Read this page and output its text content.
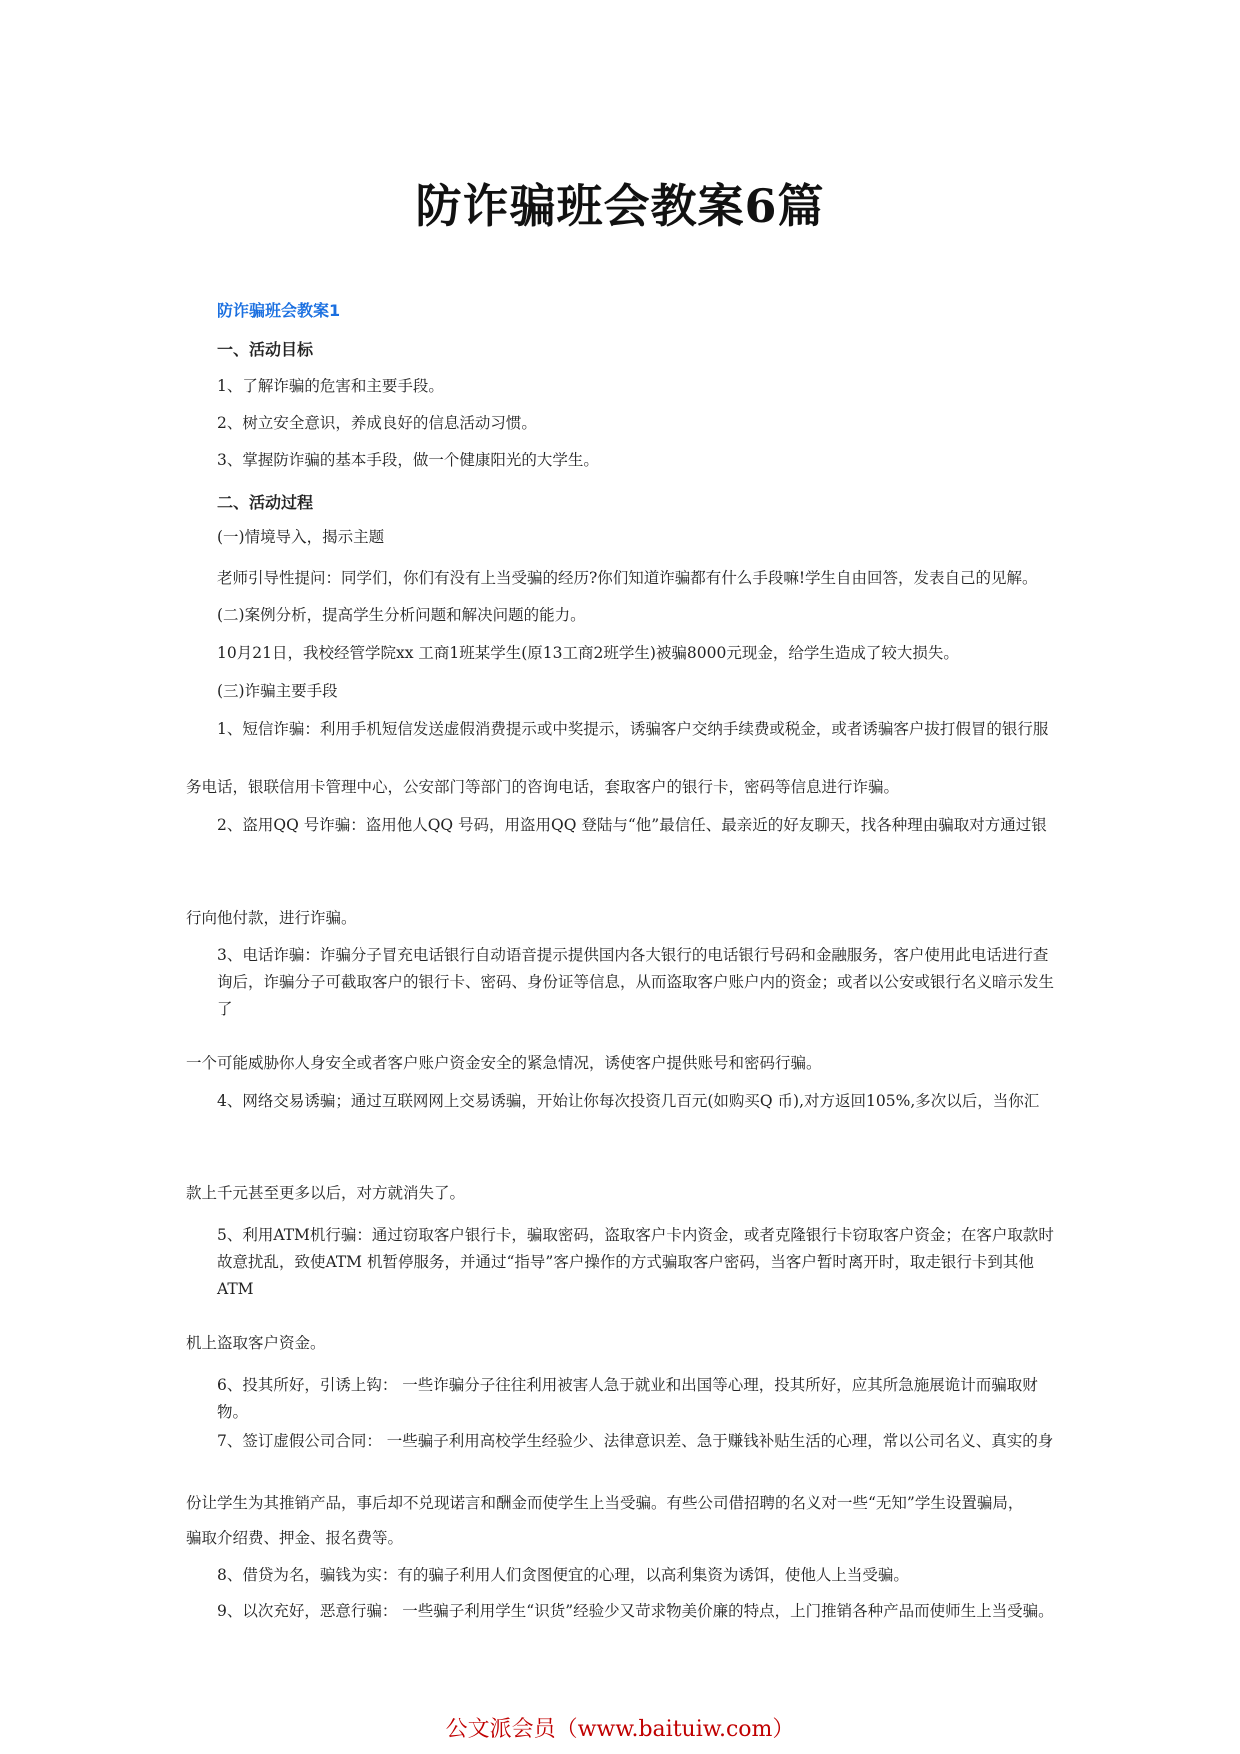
防诈骗班会教案6篇
防诈骗班会教案1
一、活动目标
1、了解诈骗的危害和主要手段。
2、树立安全意识，养成良好的信息活动习惯。
3、掌握防诈骗的基本手段，做一个健康阳光的大学生。
二、活动过程
(一)情境导入，揭示主题
老师引导性提问：同学们，你们有没有上当受骗的经历?你们知道诈骗都有什么手段嘛!学生自由回答，发表自己的见解。
(二)案例分析，提高学生分析问题和解决问题的能力。
10月21日，我校经管学院xx 工商1班某学生(原13工商2班学生)被骗8000元现金，给学生造成了较大损失。
(三)诈骗主要手段
1、短信诈骗：利用手机短信发送虚假消费提示或中奖提示，诱骗客户交纳手续费或税金，或者诱骗客户拔打假冒的银行服
务电话，银联信用卡管理中心，公安部门等部门的咨询电话，套取客户的银行卡，密码等信息进行诈骗。
2、盗用QQ 号诈骗：盗用他人QQ 号码，用盗用QQ 登陆与“他”最信任、最亲近的好友聊天，找各种理由骗取对方通过银
行向他付款，进行诈骗。
3、电话诈骗：诈骗分子冒充电话银行自动语音提示提供国内各大银行的电话银行号码和金融服务，客户使用此电话进行查 询后，诈骗分子可截取客户的银行卡、密码、身份证等信息，从而盗取客户账户内的资金；或者以公安或银行名义暗示发生了
一个可能威胁你人身安全或者客户账户资金安全的紧急情况，诱使客户提供账号和密码行骗。
4、网络交易诱骗；通过互联网网上交易诱骗，开始让你每次投资几百元(如购买Q 币),对方返回105%,多次以后，当你汇
款上千元甚至更多以后，对方就消失了。
5、利用ATM机行骗：通过窃取客户银行卡，骗取密码，盗取客户卡内资金，或者克隆银行卡窃取客户资金；在客户取款时 故意扰乱，致使ATM 机暂停服务，并通过“指导”客户操作的方式骗取客户密码，当客户暂时离开时，取走银行卡到其他ATM
机上盗取客户资金。
6、投其所好，引诱上钩： 一些诈骗分子往往利用被害人急于就业和出国等心理，投其所好，应其所急施展诡计而骗取财物。
7、签订虚假公司合同： 一些骗子利用高校学生经验少、法律意识差、急于赚钱补贴生活的心理，常以公司名义、真实的身
份让学生为其推销产品，事后却不兑现诺言和酬金而使学生上当受骗。有些公司借招聘的名义对一些“无知”学生设置骗局，
骗取介绍费、押金、报名费等。
8、借贷为名，骗钱为实：有的骗子利用人们贪图便宜的心理，以高利集资为诱饵，使他人上当受骗。
9、以次充好，恶意行骗： 一些骗子利用学生“识货”经验少又苛求物美价廉的特点，上门推销各种产品而使师生上当受骗。
公文派会员（www.baituiw.com）
